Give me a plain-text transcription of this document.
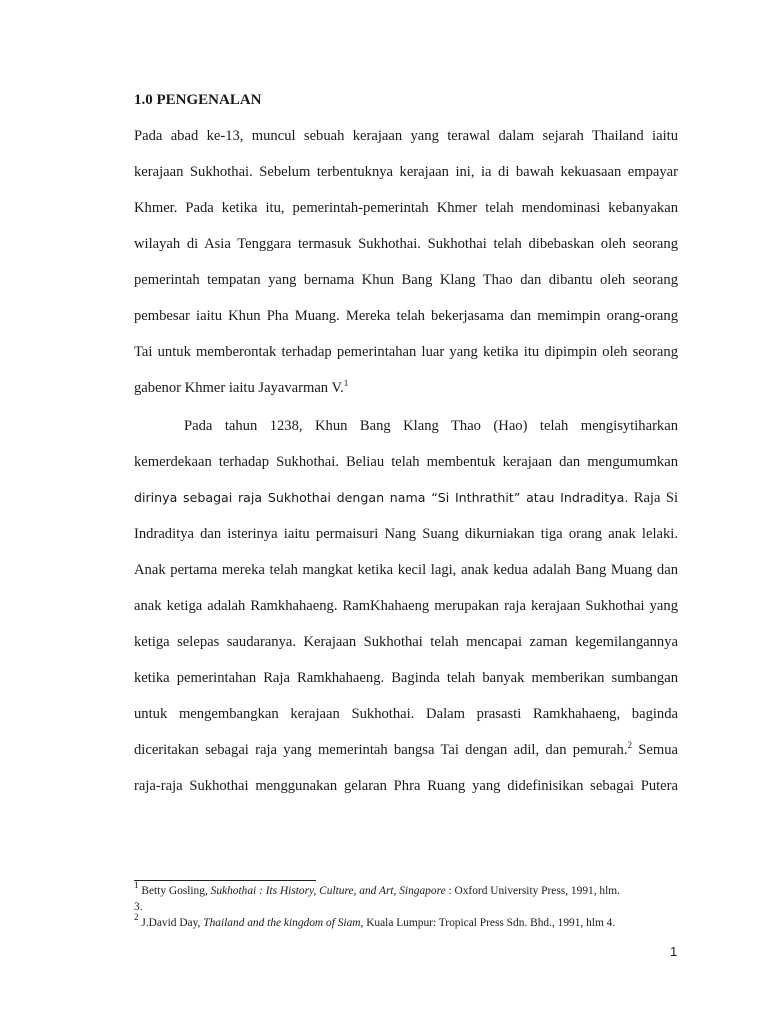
1.0 PENGENALAN
Pada abad ke-13, muncul sebuah kerajaan yang terawal dalam sejarah Thailand iaitu
kerajaan Sukhothai. Sebelum terbentuknya kerajaan ini, ia di bawah kekuasaan empayar
Khmer. Pada ketika itu, pemerintah-pemerintah Khmer telah mendominasi kebanyakan
wilayah di Asia Tenggara termasuk Sukhothai. Sukhothai telah dibebaskan oleh seorang
pemerintah tempatan yang bernama Khun Bang Klang Thao dan dibantu oleh seorang
pembesar iaitu Khun Pha Muang. Mereka telah bekerjasama dan memimpin orang-orang
Tai untuk memberontak terhadap pemerintahan luar yang ketika itu dipimpin oleh seorang
gabenor Khmer iaitu Jayavarman V.$^1$
Pada tahun 1238, Khun Bang Klang Thao (Hao) telah mengisytiharkan
kemerdekaan terhadap Sukhothai. Beliau telah membentuk kerajaan dan mengumumkan
dirinya sebagai raja Sukhothai dengan nama “Si Inthrathit” atau Indraditya. Raja Si
Indraditya dan isterinya iaitu permaisuri Nang Suang dikurniakan tiga orang anak lelaki.
Anak pertama mereka telah mangkat ketika kecil lagi, anak kedua adalah Bang Muang dan
anak ketiga adalah Ramkhahaeng. RamKhahaeng merupakan raja kerajaan Sukhothai yang
ketiga selepas saudaranya. Kerajaan Sukhothai telah mencapai zaman kegemilangannya
ketika pemerintahan Raja Ramkhahaeng. Baginda telah banyak memberikan sumbangan
untuk mengembangkan kerajaan Sukhothai. Dalam prasasti Ramkhahaeng, baginda
diceritakan sebagai raja yang memerintah bangsa Tai dengan adil, dan pemurah.$^2$ Semua
raja-raja Sukhothai menggunakan gelaran Phra Ruang yang didefinisikan sebagai Putera
$^1$ Betty Gosling, Sukhothai : Its History, Culture, and Art, Singapore : Oxford University Press, 1991, hlm.
3.
$^2$ J.David Day, Thailand and the kingdom of Siam, Kuala Lumpur: Tropical Press Sdn. Bhd., 1991, hlm 4.
1
